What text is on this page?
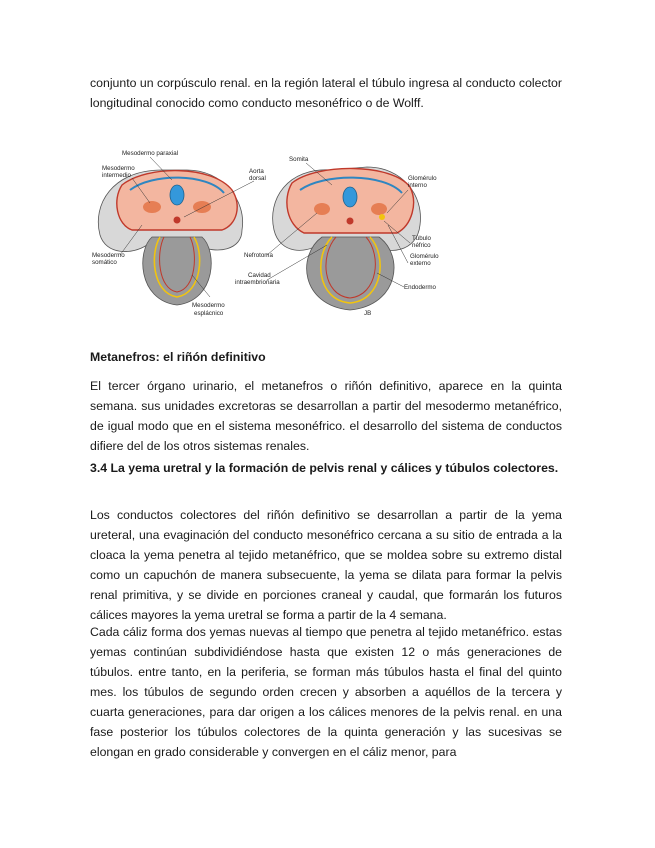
conjunto un corpúsculo renal. en la región lateral el túbulo ingresa al conducto colector longitudinal conocido como conducto mesonéfrico o de Wolff.

Mesodermo paraxial
Mesodermo
intermedio
Aorta
dorsal
Somita
Glomérulo
interno
Túbulo
néfrico
Glomérulo
externo
Mesodermo
somático
Nefrotoma
Cavidad
intraembrionaria
Endodermo
Mesodermo
esplácnico	JB

Metanefros: el riñón definitivo

El tercer órgano urinario, el metanefros o riñón definitivo, aparece en la quinta semana. sus unidades excretoras se desarrollan a partir del mesodermo metanéfrico, de igual modo que en el sistema mesonéfrico. el desarrollo del sistema de conductos difiere del de los otros sistemas renales.

3.4 La yema uretral y la formación de pelvis renal y cálices y túbulos colectores.

Los conductos colectores del riñón definitivo se desarrollan a partir de la yema ureteral, una evaginación del conducto mesonéfrico cercana a su sitio de entrada a la cloaca la yema penetra al tejido metanéfrico, que se moldea sobre su extremo distal como un capuchón de manera subsecuente, la yema se dilata para formar la pelvis renal primitiva, y se divide en porciones craneal y caudal, que formarán los futuros cálices mayores la yema uretral se forma a partir de la 4 semana.

Cada cáliz forma dos yemas nuevas al tiempo que penetra al tejido metanéfrico. estas yemas continúan subdividiéndose hasta que existen 12 o más generaciones de túbulos. entre tanto, en la periferia, se forman más túbulos hasta el final del quinto mes. los túbulos de segundo orden crecen y absorben a aquéllos de la tercera y cuarta generaciones, para dar origen a los cálices menores de la pelvis renal. en una fase posterior los túbulos colectores de la quinta generación y las sucesivas se elongan en grado considerable y convergen en el cáliz menor, para
